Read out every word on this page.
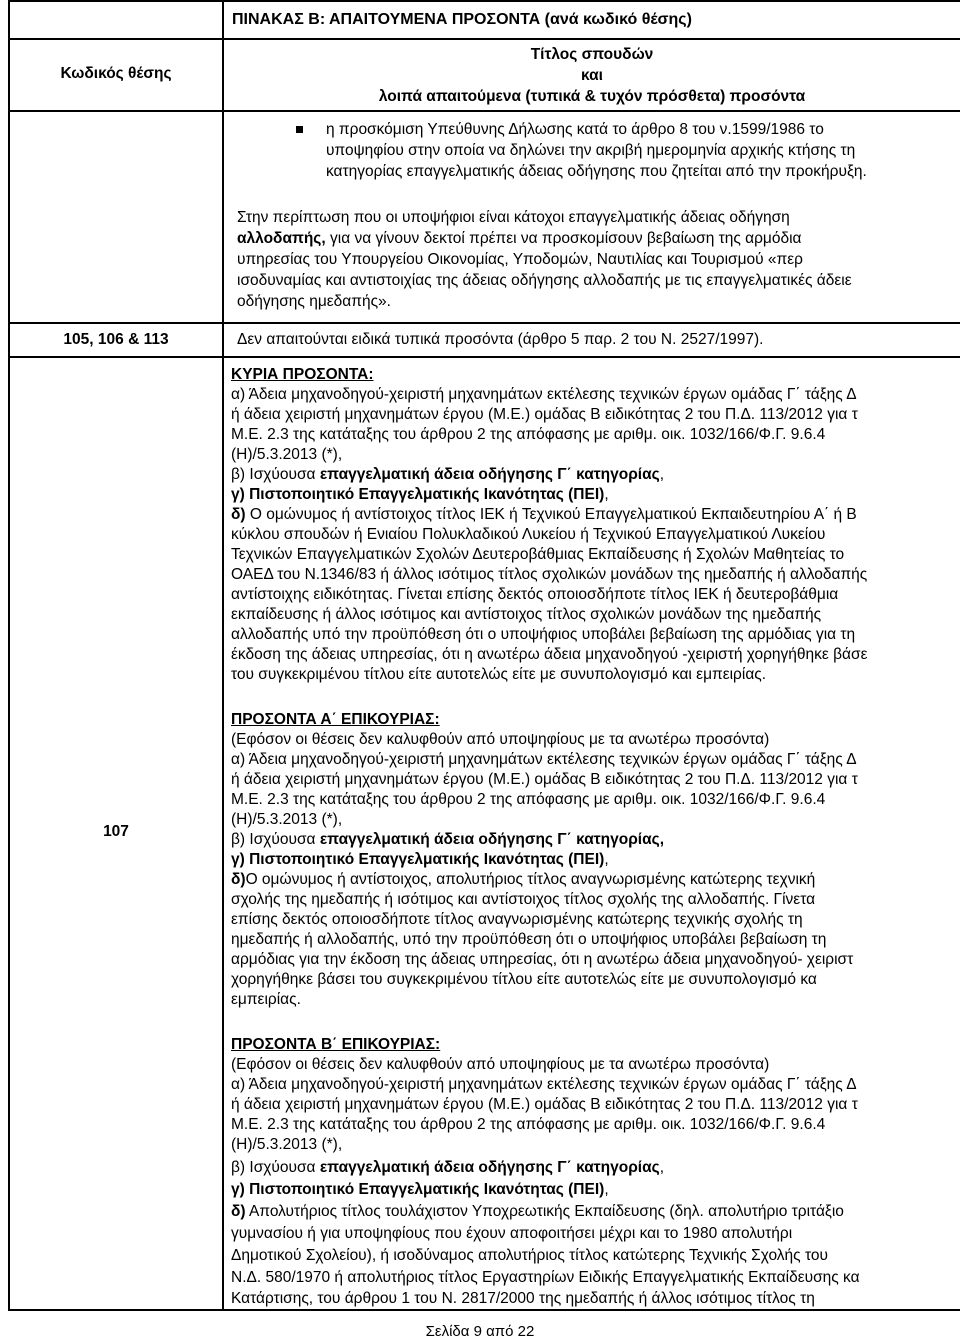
ΠΙΝΑΚΑΣ Β: ΑΠΑΙΤΟΥΜΕΝΑ ΠΡΟΣΟΝΤΑ (ανά κωδικό θέσης)
Κωδικός θέσης
Τίτλος σπουδών
και
λοιπά απαιτούμενα (τυπικά & τυχόν πρόσθετα) προσόντα
η προσκόμιση Υπεύθυνης Δήλωσης κατά το άρθρο 8 του ν.1599/1986 το
υποψηφίου στην οποία να δηλώνει την ακριβή ημερομηνία αρχικής κτήσης τη
κατηγορίας επαγγελματικής άδειας οδήγησης που ζητείται από την προκήρυξη.
Στην περίπτωση που οι υποψήφιοι είναι κάτοχοι επαγγελματικής άδειας οδήγηση
αλλοδαπής, για να γίνουν δεκτοί πρέπει να προσκομίσουν βεβαίωση της αρμόδια
υπηρεσίας του Υπουργείου Οικονομίας, Υποδομών, Ναυτιλίας και Τουρισμού «περ
ισοδυναμίας και αντιστοιχίας της άδειας οδήγησης αλλοδαπής με τις επαγγελματικές άδειε
οδήγησης ημεδαπής».
105, 106 & 113	Δεν απαιτούνται ειδικά τυπικά προσόντα (άρθρο 5 παρ. 2 του Ν. 2527/1997).
107
ΚΥΡΙΑ ΠΡΟΣΟΝΤΑ:
α) Άδεια μηχανοδηγού-χειριστή μηχανημάτων εκτέλεσης τεχνικών έργων ομάδας Γ΄ τάξης Δ
ή άδεια χειριστή μηχανημάτων έργου (Μ.Ε.) ομάδας Β ειδικότητας 2 του Π.Δ. 113/2012 για τ
Μ.Ε. 2.3 της κατάταξης του άρθρου 2 της απόφασης με αριθμ. οικ. 1032/166/Φ.Γ. 9.6.4
(Η)/5.3.2013 (*),
β) Ισχύουσα επαγγελματική άδεια οδήγησης Γ΄ κατηγορίας,
γ) Πιστοποιητικό Επαγγελματικής Ικανότητας (ΠΕΙ),
δ) Ο ομώνυμος ή αντίστοιχος τίτλος ΙΕΚ ή Τεχνικού Επαγγελματικού Εκπαιδευτηρίου Α΄ ή Β
κύκλου σπουδών ή Ενιαίου Πολυκλαδικού Λυκείου ή Τεχνικού Επαγγελματικού Λυκείου
Τεχνικών Επαγγελματικών Σχολών Δευτεροβάθμιας Εκπαίδευσης ή Σχολών Μαθητείας το
ΟΑΕΔ του Ν.1346/83 ή άλλος ισότιμος τίτλος σχολικών μονάδων της ημεδαπής ή αλλοδαπής
αντίστοιχης ειδικότητας. Γίνεται επίσης δεκτός οποιοσδήποτε τίτλος ΙΕΚ ή δευτεροβάθμια
εκπαίδευσης ή άλλος ισότιμος και αντίστοιχος τίτλος σχολικών μονάδων της ημεδαπής
αλλοδαπής υπό την προϋπόθεση ότι ο υποψήφιος υποβάλει βεβαίωση της αρμόδιας για τη
έκδοση της άδειας υπηρεσίας, ότι η ανωτέρω άδεια μηχανοδηγού -χειριστή χορηγήθηκε βάσε
του συγκεκριμένου τίτλου είτε αυτοτελώς είτε με συνυπολογισμό και εμπειρίας.
ΠΡΟΣΟΝΤΑ Α΄ ΕΠΙΚΟΥΡΙΑΣ:
(Εφόσον οι θέσεις δεν καλυφθούν από υποψηφίους με τα ανωτέρω προσόντα)
α) Άδεια μηχανοδηγού-χειριστή μηχανημάτων εκτέλεσης τεχνικών έργων ομάδας Γ΄ τάξης Δ
ή άδεια χειριστή μηχανημάτων έργου (Μ.Ε.) ομάδας Β ειδικότητας 2 του Π.Δ. 113/2012 για τ
Μ.Ε. 2.3 της κατάταξης του άρθρου 2 της απόφασης με αριθμ. οικ. 1032/166/Φ.Γ. 9.6.4
(Η)/5.3.2013 (*),
β) Ισχύουσα επαγγελματική άδεια οδήγησης Γ΄ κατηγορίας,
γ) Πιστοποιητικό Επαγγελματικής Ικανότητας (ΠΕΙ),
δ)Ο ομώνυμος ή αντίστοιχος, απολυτήριος τίτλος αναγνωρισμένης κατώτερης τεχνική
σχολής της ημεδαπής ή ισότιμος και αντίστοιχος τίτλος σχολής της αλλοδαπής. Γίνετα
επίσης δεκτός οποιοσδήποτε τίτλος αναγνωρισμένης κατώτερης τεχνικής σχολής τη
ημεδαπής ή αλλοδαπής, υπό την προϋπόθεση ότι ο υποψήφιος υποβάλει βεβαίωση τη
αρμόδιας για την έκδοση της άδειας υπηρεσίας, ότι η ανωτέρω άδεια μηχανοδηγού- χειριστ
χορηγήθηκε βάσει του συγκεκριμένου τίτλου είτε αυτοτελώς είτε με συνυπολογισμό κα
εμπειρίας.
ΠΡΟΣΟΝΤΑ Β΄ ΕΠΙΚΟΥΡΙΑΣ:
(Εφόσον οι θέσεις δεν καλυφθούν από υποψηφίους με τα ανωτέρω προσόντα)
α) Άδεια μηχανοδηγού-χειριστή μηχανημάτων εκτέλεσης τεχνικών έργων ομάδας Γ΄ τάξης Δ
ή άδεια χειριστή μηχανημάτων έργου (Μ.Ε.) ομάδας Β ειδικότητας 2 του Π.Δ. 113/2012 για τ
Μ.Ε. 2.3 της κατάταξης του άρθρου 2 της απόφασης με αριθμ. οικ. 1032/166/Φ.Γ. 9.6.4
(Η)/5.3.2013 (*),
β) Ισχύουσα επαγγελματική άδεια οδήγησης Γ΄ κατηγορίας,
γ) Πιστοποιητικό Επαγγελματικής Ικανότητας (ΠΕΙ),
δ) Απολυτήριος τίτλος τουλάχιστον Υποχρεωτικής Εκπαίδευσης (δηλ. απολυτήριο τριτάξιο
γυμνασίου ή για υποψηφίους που έχουν αποφοιτήσει μέχρι και το 1980 απολυτήρι
Δημοτικού Σχολείου), ή ισοδύναμος απολυτήριος τίτλος κατώτερης Τεχνικής Σχολής του
Ν.Δ. 580/1970 ή απολυτήριος τίτλος Εργαστηρίων Ειδικής Επαγγελματικής Εκπαίδευσης κα
Κατάρτισης, του άρθρου 1 του Ν. 2817/2000 της ημεδαπής ή άλλος ισότιμος τίτλος τη
Σελίδα 9 από 22
